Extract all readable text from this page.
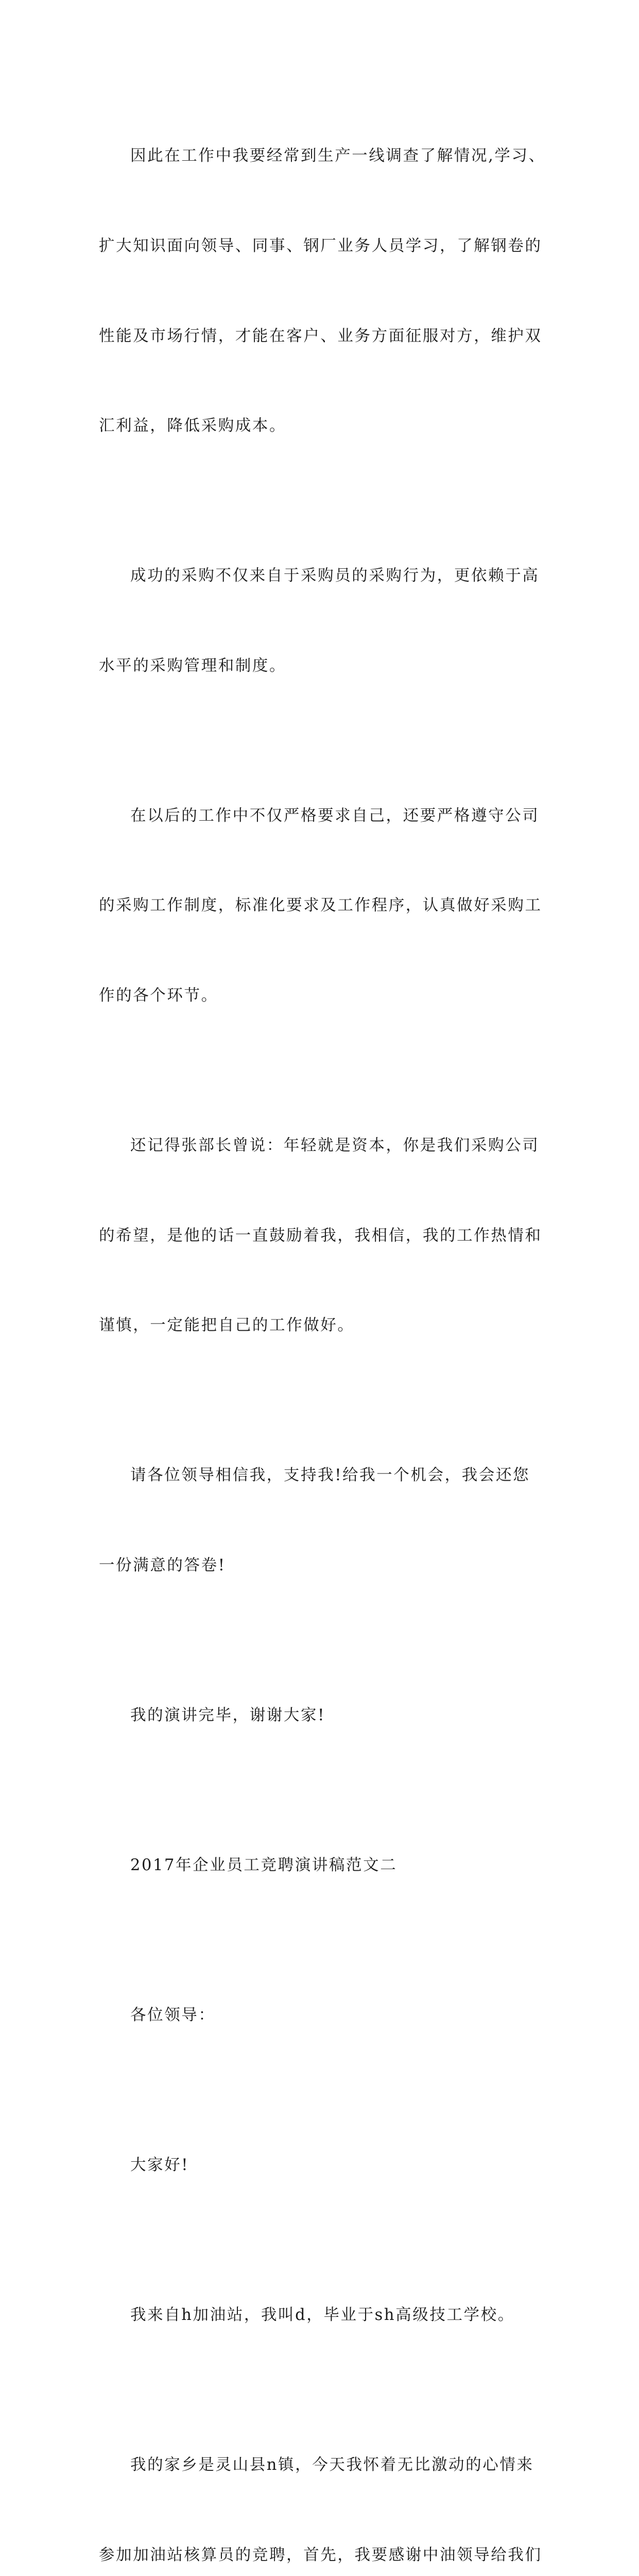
因此在工作中我要经常到生产一线调查了解情况,学习、

扩大知识面向领导、同事、钢厂业务人员学习，了解钢卷的

性能及市场行情，才能在客户、业务方面征服对方，维护双

汇利益，降低采购成本。

成功的采购不仅来自于采购员的采购行为，更依赖于高

水平的采购管理和制度。

在以后的工作中不仅严格要求自己，还要严格遵守公司

的采购工作制度，标准化要求及工作程序，认真做好采购工

作的各个环节。

还记得张部长曾说：年轻就是资本，你是我们采购公司

的希望，是他的话一直鼓励着我，我相信，我的工作热情和

谨慎，一定能把自己的工作做好。

请各位领导相信我，支持我!给我一个机会，我会还您

一份满意的答卷!

我的演讲完毕，谢谢大家!

2017年企业员工竞聘演讲稿范文二

各位领导：

大家好!

我来自h加油站，我叫d，毕业于sh高级技工学校。

我的家乡是灵山县n镇，今天我怀着无比激动的心情来

参加加油站核算员的竞聘，首先，我要感谢中油领导给我们
